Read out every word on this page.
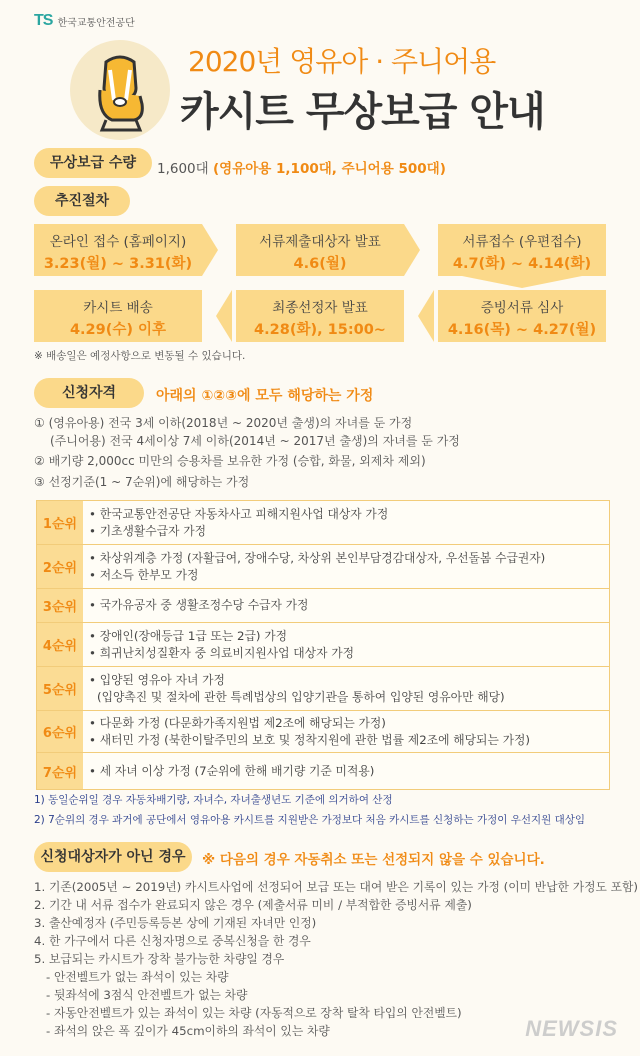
TS 한국교통안전공단
2020년 영유아 · 주니어용
카시트 무상보급 안내
무상보급 수량	1,600대 (영유아용 1,100대, 주니어용 500대)
추진절차
온라인 접수 (홈페이지)
3.23(월) ~ 3.31(화)
서류제출대상자 발표
4.6(월)
서류접수 (우편접수)
4.7(화) ~ 4.14(화)
카시트 배송
4.29(수) 이후
최종선정자 발표
4.28(화), 15:00~
증빙서류 심사
4.16(목) ~ 4.27(월)
※ 배송일은 예정사항으로 변동될 수 있습니다.
신청자격	아래의 ①②③에 모두 해당하는 가정
① (영유아용) 전국 3세 이하(2018년 ~ 2020년 출생)의 자녀를 둔 가정
(주니어용) 전국 4세이상 7세 이하(2014년 ~ 2017년 출생)의 자녀를 둔 가정
② 배기량 2,000cc 미만의 승용차를 보유한 가정 (승합, 화물, 외제차 제외)
③ 선정기준(1 ~ 7순위)에 해당하는 가정
1순위
• 한국교통안전공단 자동차사고 피해지원사업 대상자 가정
• 기초생활수급자 가정
2순위
• 차상위계층 가정 (자활급여, 장애수당, 차상위 본인부담경감대상자, 우선돌봄 수급권자)
• 저소득 한부모 가정
3순위	• 국가유공자 중 생활조정수당 수급자 가정
4순위
• 장애인(장애등급 1급 또는 2급) 가정
• 희귀난치성질환자 중 의료비지원사업 대상자 가정
5순위
• 입양된 영유아 자녀 가정
(입양촉진 및 절차에 관한 특례법상의 입양기관을 통하여 입양된 영유아만 해당)
6순위
• 다문화 가정 (다문화가족지원법 제2조에 해당되는 가정)
• 새터민 가정 (북한이탈주민의 보호 및 정착지원에 관한 법률 제2조에 해당되는 가정)
7순위	• 세 자녀 이상 가정 (7순위에 한해 배기량 기준 미적용)
1) 동일순위일 경우 자동차배기량, 자녀수, 자녀출생년도 기준에 의거하여 산정
2) 7순위의 경우 과거에 공단에서 영유아용 카시트를 지원받은 가정보다 처음 카시트를 신청하는 가정이 우선지원 대상임
신청대상자가 아닌 경우	※ 다음의 경우 자동취소 또는 선정되지 않을 수 있습니다.
1. 기존(2005년 ~ 2019년) 카시트사업에 선정되어 보급 또는 대여 받은 기록이 있는 가정 (이미 반납한 가정도 포함)
2. 기간 내 서류 접수가 완료되지 않은 경우 (제출서류 미비 / 부적합한 증빙서류 제출)
3. 출산예정자 (주민등록등본 상에 기재된 자녀만 인정)
4. 한 가구에서 다른 신청자명으로 중복신청을 한 경우
5. 보급되는 카시트가 장착 불가능한 차량일 경우
- 안전벨트가 없는 좌석이 있는 차량
- 뒷좌석에 3점식 안전벨트가 없는 차량
- 자동안전벨트가 있는 좌석이 있는 차량 (자동적으로 장착 탈착 타입의 안전벨트)
- 좌석의 앉은 폭 깊이가 45cm이하의 좌석이 있는 차량	NEWSIS
